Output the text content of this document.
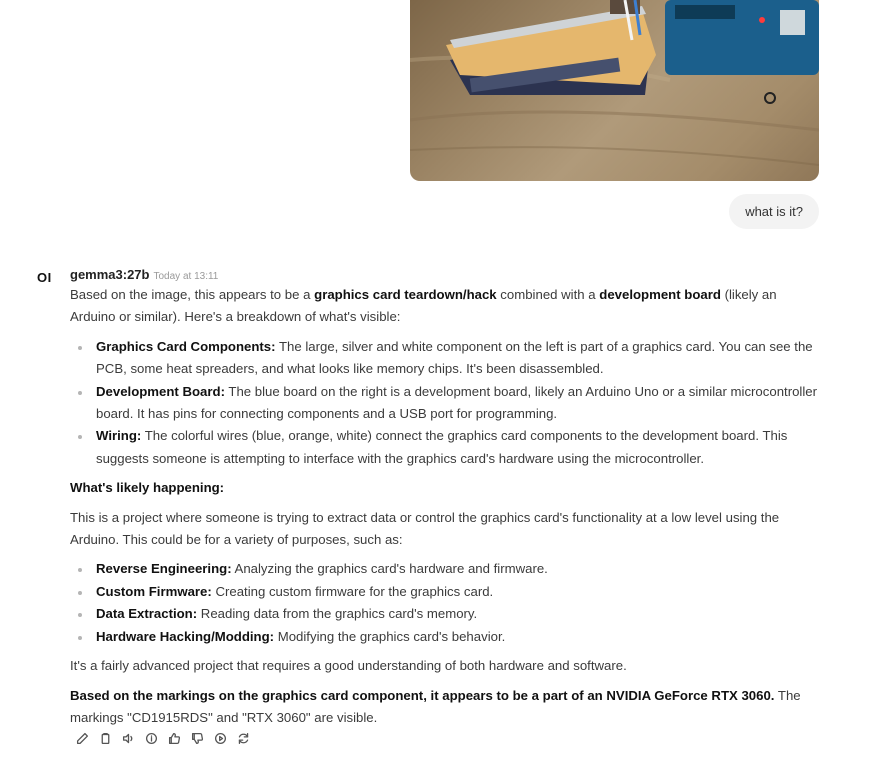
what is it?
OI gemma3:27b Today at 13:11

Based on the image, this appears to be a graphics card teardown/hack combined with a development board (likely an Arduino or similar). Here's a breakdown of what's visible:

Graphics Card Components: The large, silver and white component on the left is part of a graphics card. You can see the PCB, some heat spreaders, and what looks like memory chips. It's been disassembled.
Development Board: The blue board on the right is a development board, likely an Arduino Uno or a similar microcontroller board. It has pins for connecting components and a USB port for programming.
Wiring: The colorful wires (blue, orange, white) connect the graphics card components to the development board. This suggests someone is attempting to interface with the graphics card's hardware using the microcontroller.

What's likely happening:

This is a project where someone is trying to extract data or control the graphics card's functionality at a low level using the Arduino. This could be for a variety of purposes, such as:

Reverse Engineering: Analyzing the graphics card's hardware and firmware.
Custom Firmware: Creating custom firmware for the graphics card.
Data Extraction: Reading data from the graphics card's memory.
Hardware Hacking/Modding: Modifying the graphics card's behavior.

It's a fairly advanced project that requires a good understanding of both hardware and software.

Based on the markings on the graphics card component, it appears to be a part of an NVIDIA GeForce RTX 3060. The markings "CD1915RDS" and "RTX 3060" are visible.
